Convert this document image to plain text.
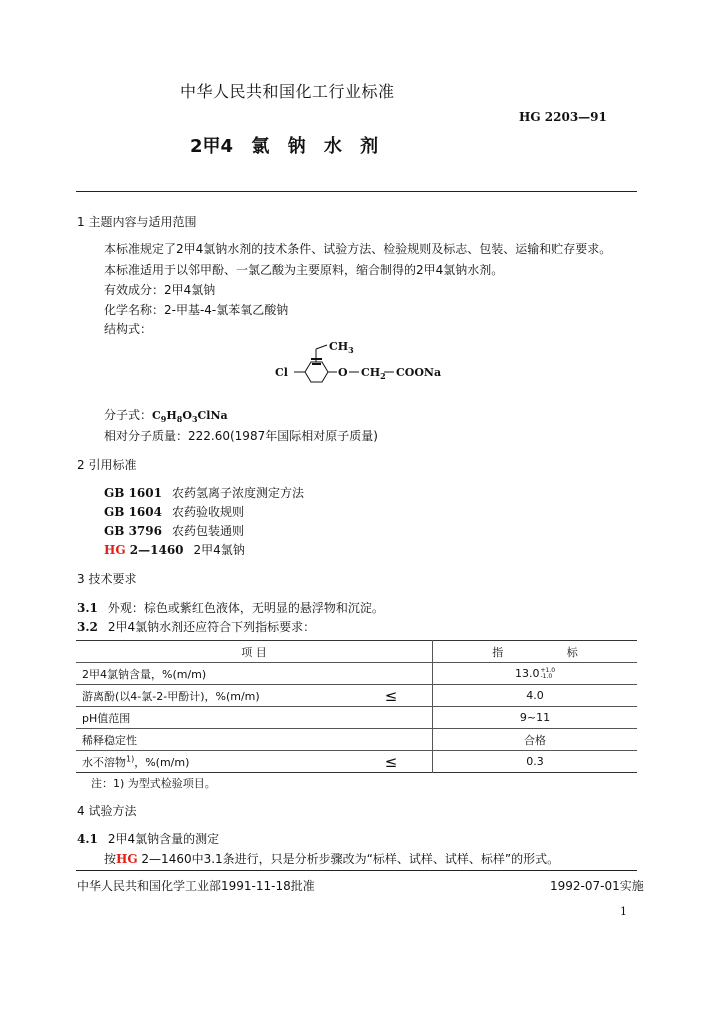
中华人民共和国化工行业标准
HG 2203—91
2甲4 氯 钠 水 剂
1 主题内容与适用范围
本标准规定了2甲4氯钠水剂的技术条件、试验方法、检验规则及标志、包装、运输和贮存要求。
本标准适用于以邻甲酚、一氯乙酸为主要原料，缩合制得的2甲4氯钠水剂。
有效成分：2甲4氯钠
化学名称：2-甲基-4-氯苯氧乙酸钠
结构式：
$CH_3$
Cl	O $CH_2$ COONa
分子式：$C_9H_8O_3ClNa$
相对分子质量：222.60(1987年国际相对原子质量)
2 引用标准
GB 1601 农药氢离子浓度测定方法
GB 1604 农药验收规则
GB 3796 农药包装通则
HG 2—1460 2甲4氯钠
3 技术要求
3.1 外观：棕色或紫红色液体，无明显的悬浮物和沉淀。
3.2 2甲4氯钠水剂还应符合下列指标要求：
项 目		指 标
2甲4氯钠含量，%(m/m)		13.0+1.0
-1.0
游离酚(以4-氯-2-甲酚计)，%(m/m)	≤	4.0
pH值范围		9~11
稀释稳定性		合格
水不溶物$^{1)}$，%(m/m)	≤	0.3
注：1) 为型式检验项目。
4 试验方法
4.1 2甲4氯钠含量的测定
按HG 2—1460中3.1条进行，只是分析步骤改为“标样、试样、试样、标样”的形式。
中华人民共和国化学工业部1991-11-18批准	1992-07-01实施
1
